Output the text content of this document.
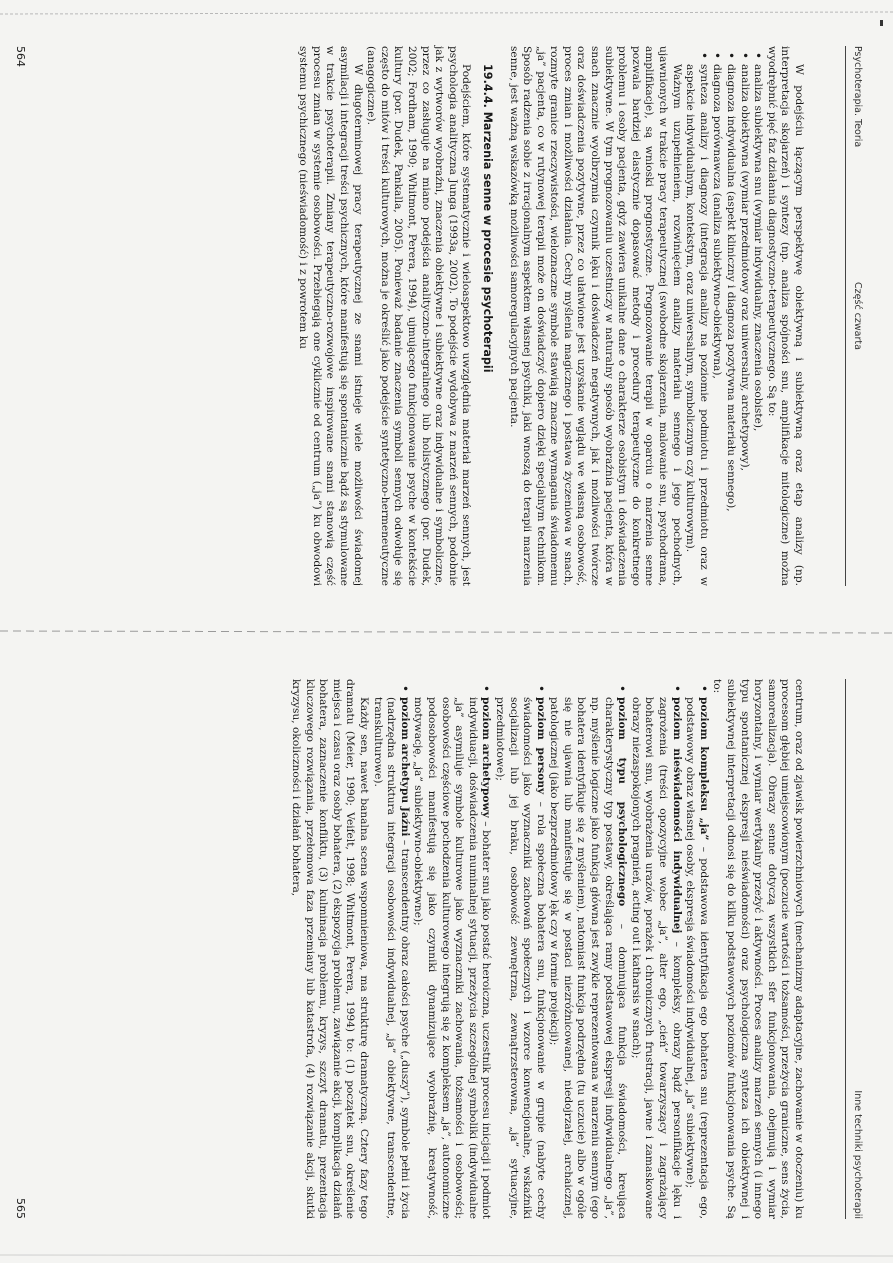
Psychoterapia. Teoria
Część czwarta

W podejściu łączącym perspektywę obiektywną i subiektywną oraz etap analizy (np. interpretacja skojarzeń) i syntezy (np. analiza spójności snu, amplifikacje mitologiczne) można wyodrębnić pięć faz działania diagnostyczno-terapeutycznego. Są to:

• analiza subiektywna snu (wymiar indywidualny, znaczenia osobiste),
• analiza obiektywna (wymiar przedmiotowy oraz uniwersalny, archetypowy),
• diagnoza indywidualna (aspekt kliniczny i diagnoza pozytywna materiału sennego),
• diagnoza porównawcza (analiza subiektywno-obiektywna),
• synteza analizy i diagnozy (integracja analizy na poziomie podmiotu i przedmiotu oraz w aspekcie indywidualnym, kontekstym, oraz uniwersalnym, symbolicznym czy kulturowym).

Ważnym uzupełnieniem, rozwinięciem analizy materiału sennego i jego pochodnych, ujawnionych w trakcie pracy terapeutycznej (swobodne skojarzenia, malowanie snu, psychodrama, amplifikacje), są wnioski prognostyczne. Prognozowanie terapii w oparciu o marzenia senne pozwala bardziej elastycznie dopasować metody i procedury terapeutyczne do konkretnego problemu i osoby pacjenta, gdyż zawiera unikalne dane o charakterze osobistym i doświadczenia subiektywne. W tym prognozowaniu uczestniczy w naturalny sposób wyobraźnia pacjenta, która w snach znacznie wyolbrzymia czynnik lęku i doświadczeń negatywnych, jak i możliwości twórcze oraz doświadczenia pozytywne, przez co ułatwione jest uzyskanie wglądu we własną osobowość, proces zmian i możliwości działania. Cechy myślenia magicznego i postawa życzeniowa w snach, rozmyte granice rzeczywistości, wieloznaczne symbole stawiają znaczne wymagania świadomemu „ja” pacjenta, co w rutynowej terapii może on doświadczyć dopiero dzięki specjalnym technikom. Sposób radzenia sobie z irracjonalnym aspektem własnej psychiki, jaki wnoszą do terapii marzenia senne, jest ważną wskazówką możliwości samoregulacyjnych pacjenta.

19.4.4. Marzenia senne w procesie psychoterapii

Podejściem, które systematycznie i wieloaspektowo uwzględnia materiał marzeń sennych, jest psychologia analityczna Junga (1993a, 2002). To podejście wydobywa z marzeń sennych, podobnie jak z wytworów wyobraźni, znaczenia obiektywne i subiektywne oraz indywidualne i symboliczne, przez co zasługuje na miano podejścia analityczno-integralnego lub holistycznego (por. Dudek, 2002; Fordham, 1990; Whitmont, Perera, 1994), ujmującego funkcjonowanie psyche w kontekście kultury (por. Dudek, Pankalla, 2005). Ponieważ badanie znaczenia symboli sennych odwołuje się często do mitów i treści kulturowych, można je określić jako podejście syntetyczno-hermeneutyczne (anagogiczne).

W długoterminowej pracy terapeutycznej ze snami istnieje wiele możliwości świadomej asymilacji i integracji treści psychicznych, które manifestują się spontanicznie bądź są stymulowane w trakcie psychoterapii. Zmiany terapeutyczno-rozwojowe inspirowane snami stanowią część procesu zmian w systemie osobowości. Przebiegają one cyklicznie od centrum („ja”) ku obwodowi systemu psychicznego (nieświadomość) i z powrotem ku

564
Inne techniki psychoterapii

centrum, oraz od zjawisk powierzchniowych (mechanizmy adaptacyjne, zachowanie w otoczeniu) ku procesom głębiej umiejscowionym (poczucie wartości i tożsamości, przeżycia graniczne, sens życia, samorealizacja). Obrazy senne dotyczą wszystkich sfer funkcjonowania, obejmują i wymiar horyzontalny, i wymiar wertykalny przeżyć i aktywności. Proces analizy marzeń sennych (i innego typu spontanicznej ekspresji nieświadomości) oraz psychologiczna synteza ich obiektywnej i subiektywnej interpretacji odnosi się do kilku podstawowych poziomów funkcjonowania psyche. Są to:

• poziom kompleksu „ja” – podstawowa identyfikacja ego bohatera snu (reprezentacja ego, podstawowy obraz własnej osoby, ekspresja świadomości indywidualnej, „ja” subiektywne);
• poziom nieświadomości indywidualnej – kompleksy, obrazy bądź personifikacje lęku i zagrożenia (treści opozycyjne wobec „ja”, alter ego, „cień” towarzyszący i zagrażający bohaterowi snu, wyobrażenia urazów, porażek i chronicznych frustracji, jawne i zamaskowane obrazy niezaspokojonych pragnień, acting out i katharsis w snach);
• poziom typu psychologicznego – dominująca funkcja świadomości, kreująca charakterystyczny typ postawy, określająca ramy podstawowej ekspresji indywidualnego „ja”, np. myślenie logiczne jako funkcja główna jest zwykle reprezentowana w marzeniu sennym (ego bohatera identyfikuje się z myśleniem), natomiast funkcja podrzędna (tu uczucie) albo w ogóle się nie ujawnia lub manifestuje się w postaci niezróżnicowanej, niedojrzałej, archaicznej, patologicznej (jako bezprzedmiotowy lęk czy w formie projekcji);
• poziom persony – rola społeczna bohatera snu, funkcjonowanie w grupie (nabyte cechy świadomości jako wyznaczniki zachowań społecznych i wzorce konwencjonalne, wskaźniki socjalizacji lub jej braku, osobowość zewnętrzna, zewnątrzsterowna, „ja” sytuacyjne, przedmiotowe);
• poziom archetypowy – bohater snu jako postać heroiczna, uczestnik procesu inicjacji i podmiot indywiduacji, doświadczenia numinalnej sytuacji, przeżycia szczególnej symboliki (indywidualne „ja” asymiluje symbole kulturowe jako wyznaczniki zachowania, tożsamości i osobowości; osobowości częściowe pochodzenia kulturowego integrują się z kompleksem „ja”, autonomiczne podosobowości manifestują się jako czynniki dynamizujące wyobraźnię, kreatywność, motywację, „ja” subiektywno-obiektywne);
• poziom archetypu Jaźni – transcendentny obraz całości psyche („duszy”), symbole pełni i życia (nadrzędna struktura integracji osobowości indywidualnej, „ja” obiektywne, transcendentne, transkulturowe).

Każdy sen, nawet banalna scena wspomnieniowa, ma strukturę dramatyczną. Cztery fazy tego dramatu (Meier, 1990; Veifelt, 1998; Whitmont, Perera, 1994) to: (1) początek snu, określenie miejsca i czasu oraz osoby bohatera, (2) ekspozycja problemu, zawiązanie akcji, komplikacja działań bohatera, zaznaczenie konfliktu, (3) kulminacja problemu, kryzys, szczyt dramatu, prezentacja kluczowego rozwiązania, przełomowa faza przemiany lub katastrofa, (4) rozwiązanie akcji, skutki kryzysu, okoliczności i działań bohatera,

565
